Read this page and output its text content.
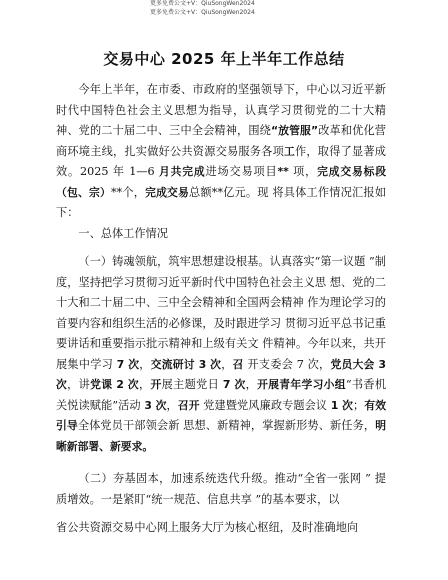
更多免费公文+V：QiuSongWen2024
更多免费公文+V：QiuSongWen2024
交易中心 2025 年上半年工作总结

今年上半年，在市委、市政府的坚强领导下，中心以习近平新时代中国特色社会主义思想为指导，认真学习贯彻党的二十大精神、党的二十届二中、三中全会精神，围绕“放管服”改革和优化营商环境主线，扎实做好公共资源交易服务各项工作，取得了显著成效。2025 年 1—6 月共完成进场交易项目** 项，完成交易标段（包、宗）**个，完成交易总额**亿元。现 将具体工作情况汇报如下：

一、总体工作情况

（一）铸魂领航，筑牢思想建设根基。认真落实“第一议题 ”制度，坚持把学习贯彻习近平新时代中国特色社会主义思 想、党的二十大和二十届二中、三中全会精神和全国两会精神 作为理论学习的首要内容和组织生活的必修课，及时跟进学习 贯彻习近平总书记重要讲话和重要指示批示精神和上级有关文 件精神。今年以来，共开展集中学习 7 次，交流研讨 3 次，召 开支委会 7 次，党员大会 3 次，讲党课 2 次，开展主题党日 7 次，开展青年学习小组“书香机关悦读赋能”活动 3 次，召开 党建暨党风廉政专题会议 1 次；有效引导全体党员干部领会新 思想、新精神，掌握新形势、新任务，明晰新部署、新要求。

（二）夯基固本，加速系统迭代升级。推动“全省一张网 ” 提质增效。一是紧盯“统一规范、信息共享 ”的基本要求，以

省公共资源交易中心网上服务大厅为核心枢纽，及时准确地向
